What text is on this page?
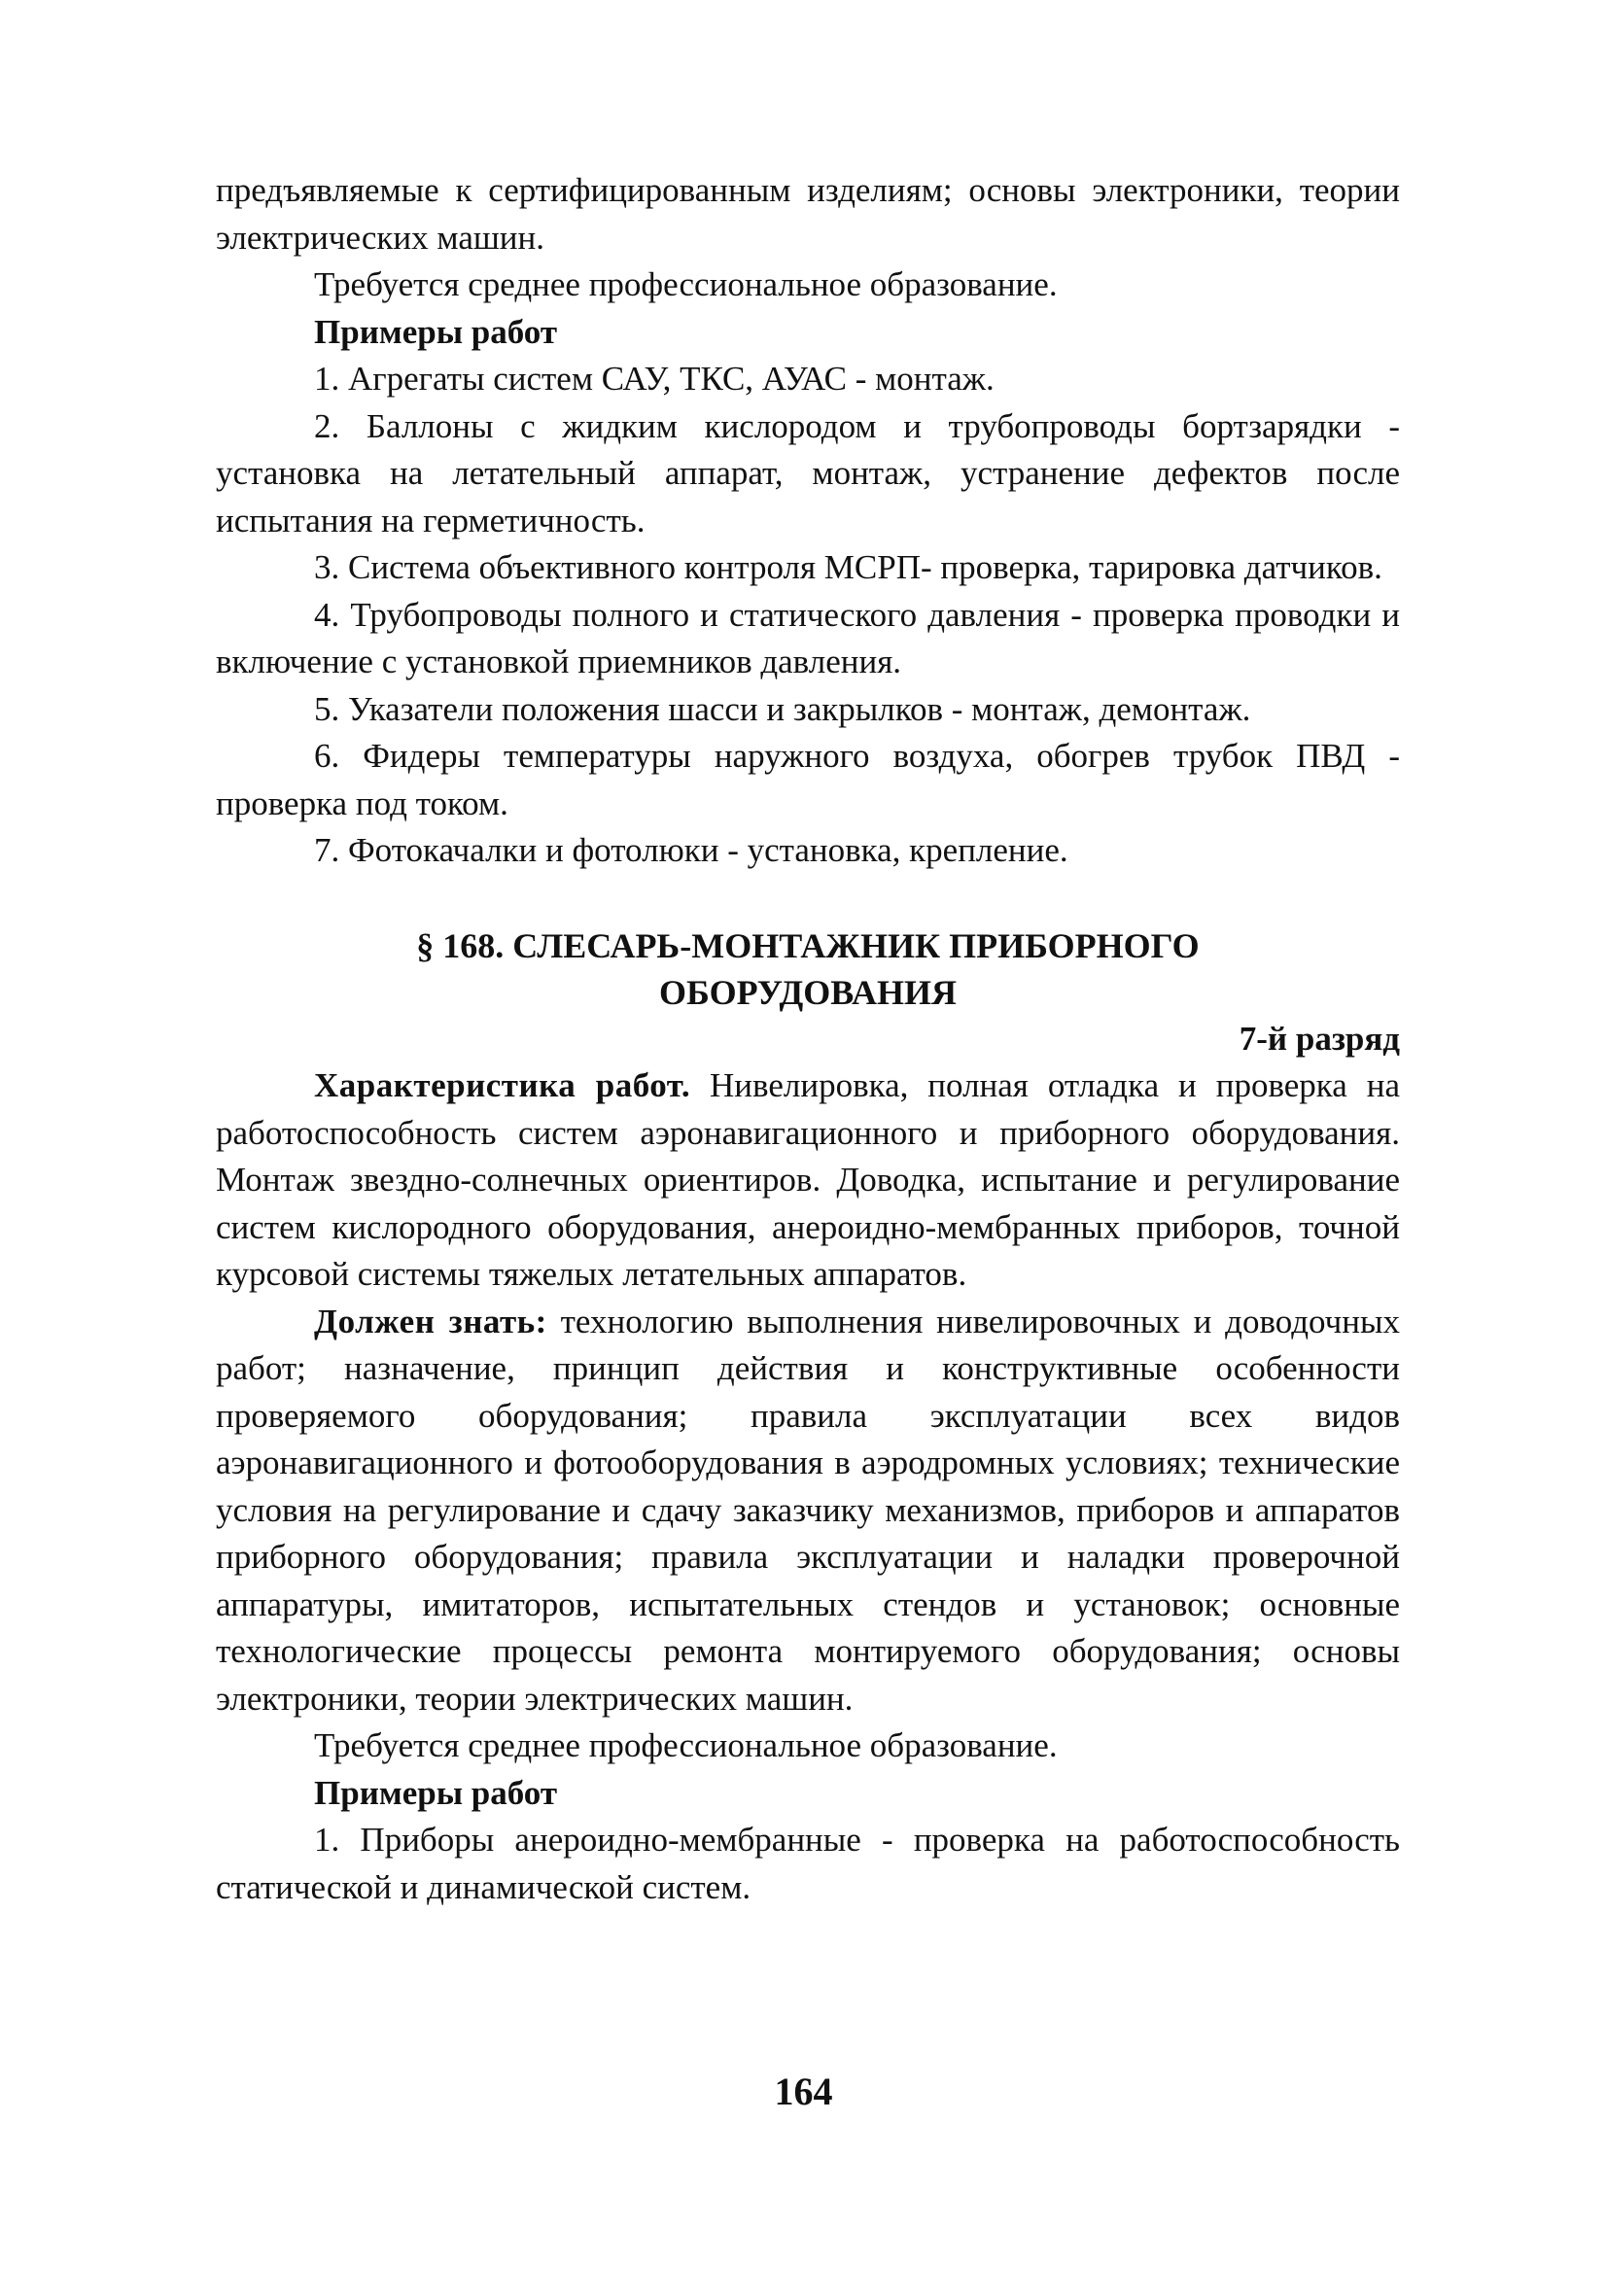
предъявляемые к сертифицированным изделиям; основы электроники, теории электрических машин.

Требуется среднее профессиональное образование.

Примеры работ

1. Агрегаты систем САУ, ТКС, АУАС - монтаж.

2. Баллоны с жидким кислородом и трубопроводы бортзарядки - установка на летательный аппарат, монтаж, устранение дефектов после испытания на герметичность.

3. Система объективного контроля МСРП- проверка, тарировка датчиков.

4. Трубопроводы полного и статического давления - проверка проводки и включение с установкой приемников давления.

5. Указатели положения шасси и закрылков - монтаж, демонтаж.

6. Фидеры температуры наружного воздуха, обогрев трубок ПВД - проверка под током.

7. Фотокачалки и фотолюки - установка, крепление.

§ 168. СЛЕСАРЬ-МОНТАЖНИК ПРИБОРНОГО
ОБОРУДОВАНИЯ

7-й разряд

Характеристика работ. Нивелировка, полная отладка и проверка на работоспособность систем аэронавигационного и приборного оборудования. Монтаж звездно-солнечных ориентиров. Доводка, испытание и регулирование систем кислородного оборудования, анероидно-мембранных приборов, точной курсовой системы тяжелых летательных аппаратов.

Должен знать: технологию выполнения нивелировочных и доводочных работ; назначение, принцип действия и конструктивные особенности проверяемого оборудования; правила эксплуатации всех видов аэронавигационного и фотооборудования в аэродромных условиях; технические условия на регулирование и сдачу заказчику механизмов, приборов и аппаратов приборного оборудования; правила эксплуатации и наладки проверочной аппаратуры, имитаторов, испытательных стендов и установок; основные технологические процессы ремонта монтируемого оборудования; основы электроники, теории электрических машин.

Требуется среднее профессиональное образование.

Примеры работ

1. Приборы анероидно-мембранные - проверка на работоспособность статической и динамической систем.

164
